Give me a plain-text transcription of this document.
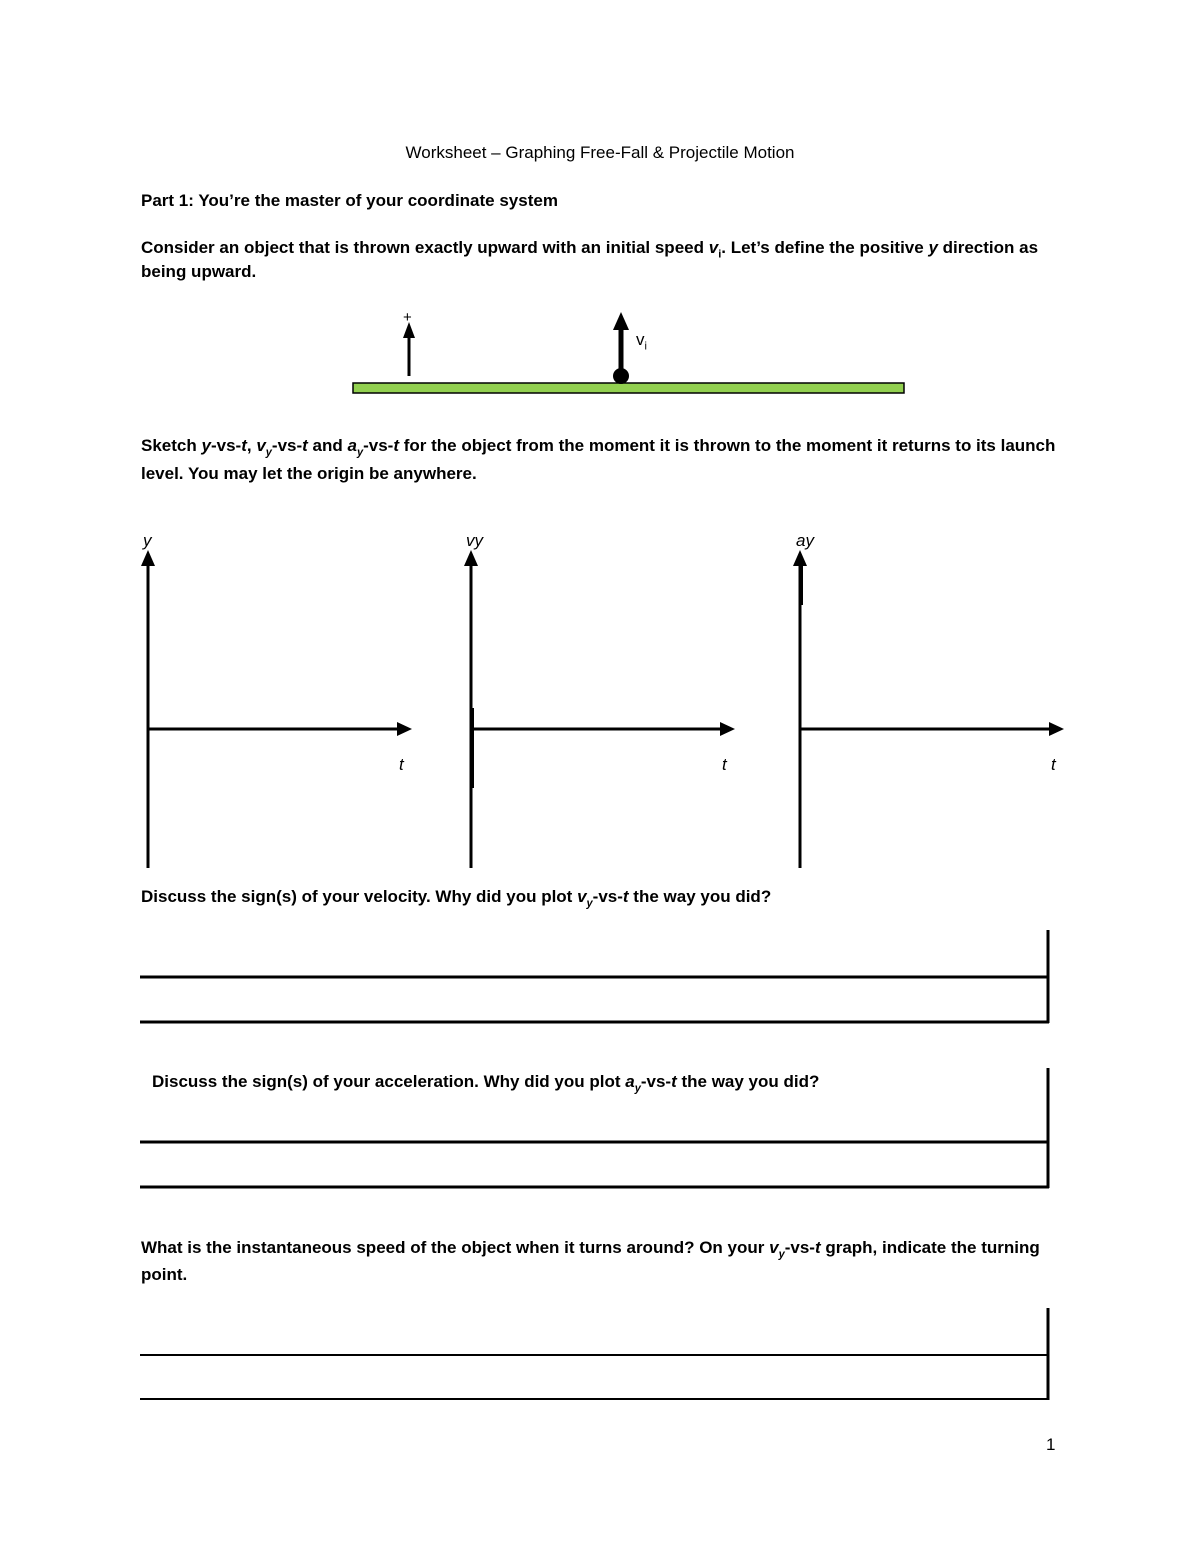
Worksheet – Graphing Free-Fall & Projectile Motion
Part 1: You’re the master of your coordinate system
Consider an object that is thrown exactly upward with an initial speed $v_i$. Let’s define the positive y direction as
being upward.
+
$v_i$
Sketch y-vs-t, $v_y-vs-t$ and $a_y-vs-t$ for the object from the moment it is thrown to the moment it returns to its launch
level. You may let the origin be anywhere.
y
t
vy
t
ay
t
Discuss the sign(s) of your velocity. Why did you plot $v_y-vs-t$ the way you did?
Discuss the sign(s) of your acceleration. Why did you plot $a_y-vs-t$ the way you did?
What is the instantaneous speed of the object when it turns around? On your $v_y-vs-t$ graph, indicate the turning
point.
1
